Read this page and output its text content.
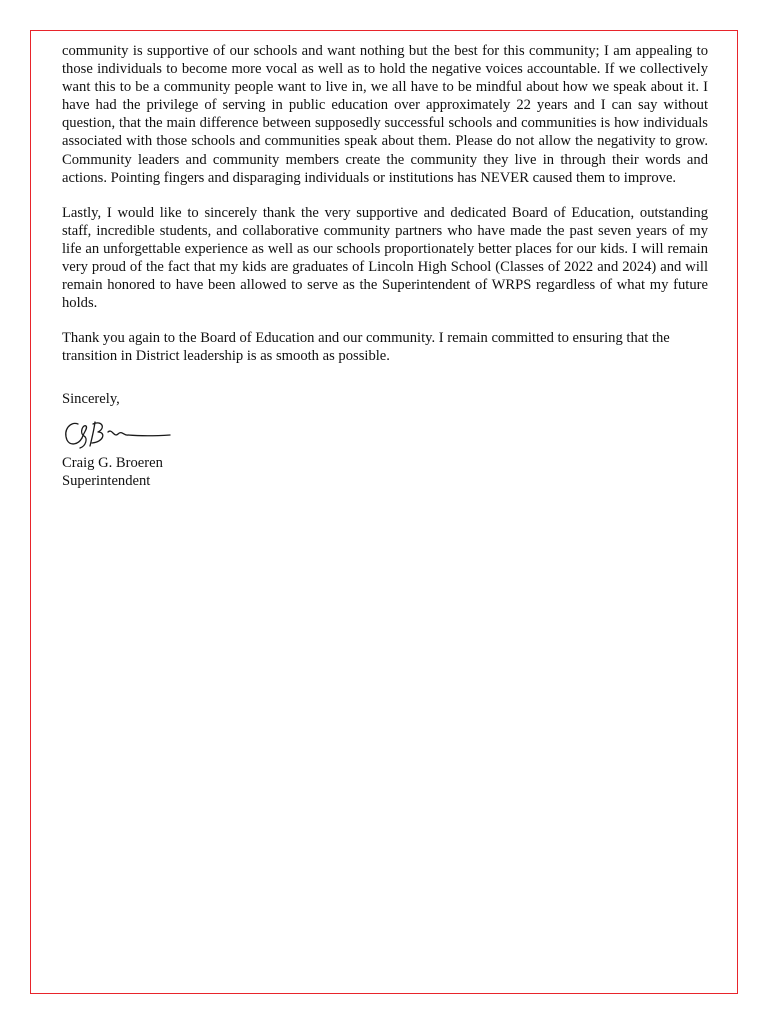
community is supportive of our schools and want nothing but the best for this community; I am appealing to those individuals to become more vocal as well as to hold the negative voices accountable. If we collectively want this to be a community people want to live in, we all have to be mindful about how we speak about it. I have had the privilege of serving in public education over approximately 22 years and I can say without question, that the main difference between supposedly successful schools and communities is how individuals associated with those schools and communities speak about them. Please do not allow the negativity to grow. Community leaders and community members create the community they live in through their words and actions. Pointing fingers and disparaging individuals or institutions has NEVER caused them to improve.

Lastly, I would like to sincerely thank the very supportive and dedicated Board of Education, outstanding staff, incredible students, and collaborative community partners who have made the past seven years of my life an unforgettable experience as well as our schools proportionately better places for our kids. I will remain very proud of the fact that my kids are graduates of Lincoln High School (Classes of 2022 and 2024) and will remain honored to have been allowed to serve as the Superintendent of WRPS regardless of what my future holds.

Thank you again to the Board of Education and our community. I remain committed to ensuring that the transition in District leadership is as smooth as possible.

Sincerely,
Craig G. Broeren
Superintendent
